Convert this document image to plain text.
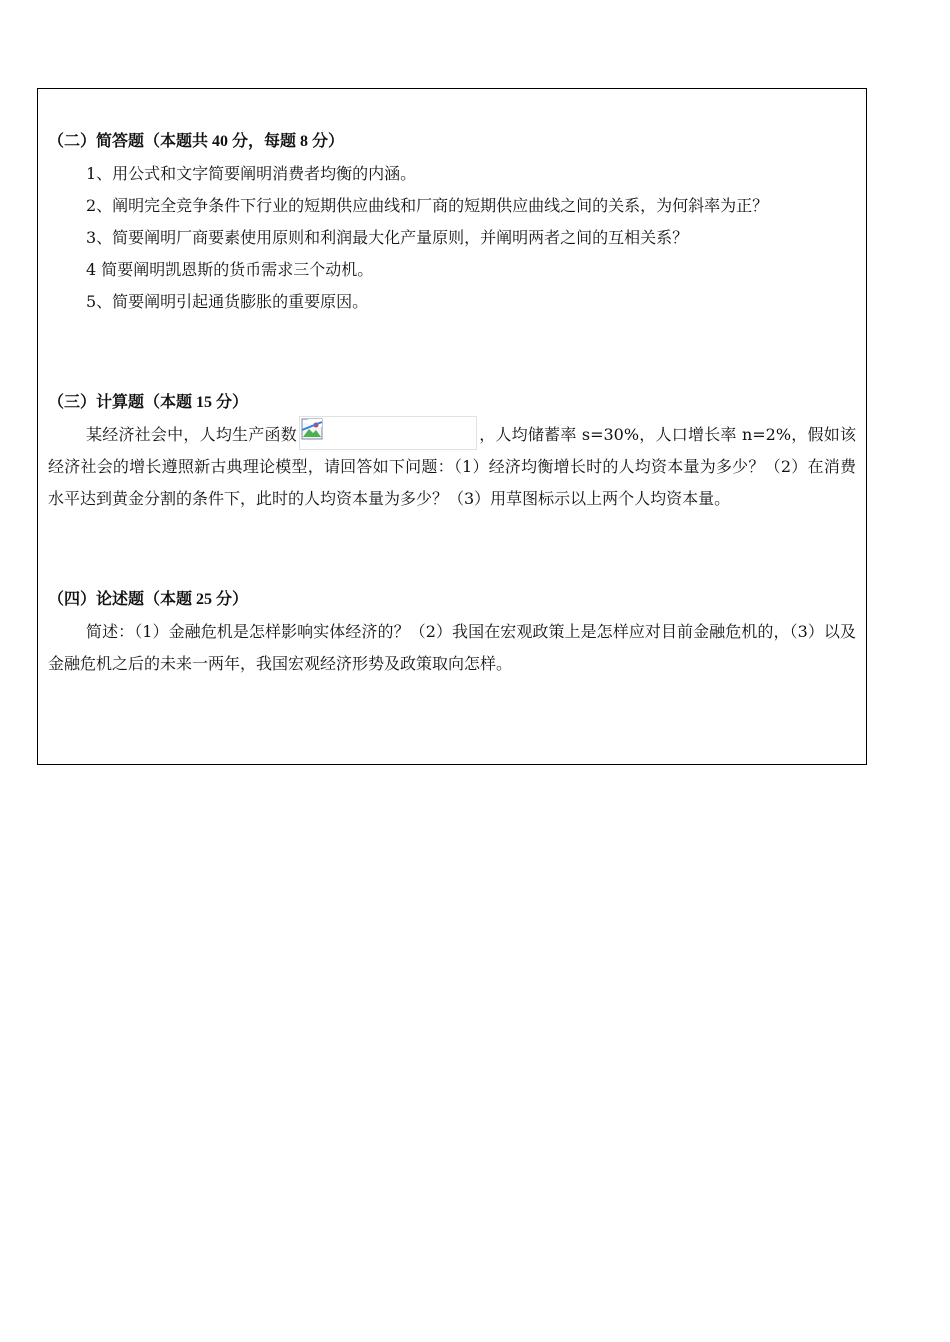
（二）简答题（本题共 40 分，每题 8 分）
1、用公式和文字简要阐明消费者均衡的内涵。
2、阐明完全竞争条件下行业的短期供应曲线和厂商的短期供应曲线之间的关系，为何斜率为正？
3、简要阐明厂商要素使用原则和利润最大化产量原则，并阐明两者之间的互相关系？
4 简要阐明凯恩斯的货币需求三个动机。
5、简要阐明引起通货膨胀的重要原因。
（三）计算题（本题 15 分）
某经济社会中，人均生产函数	，人均储蓄率 s=30%，人口增长率 n=2%，假如该经济社会的增长遵照新古典理论模型，请回答如下问题：（1）经济均衡增长时的人均资本量为多少？（2）在消费水平达到黄金分割的条件下，此时的人均资本量为多少？（3）用草图标示以上两个人均资本量。
（四）论述题（本题 25 分）
简述：（1）金融危机是怎样影响实体经济的？（2）我国在宏观政策上是怎样应对目前金融危机的，（3）以及金融危机之后的未来一两年，我国宏观经济形势及政策取向怎样。
